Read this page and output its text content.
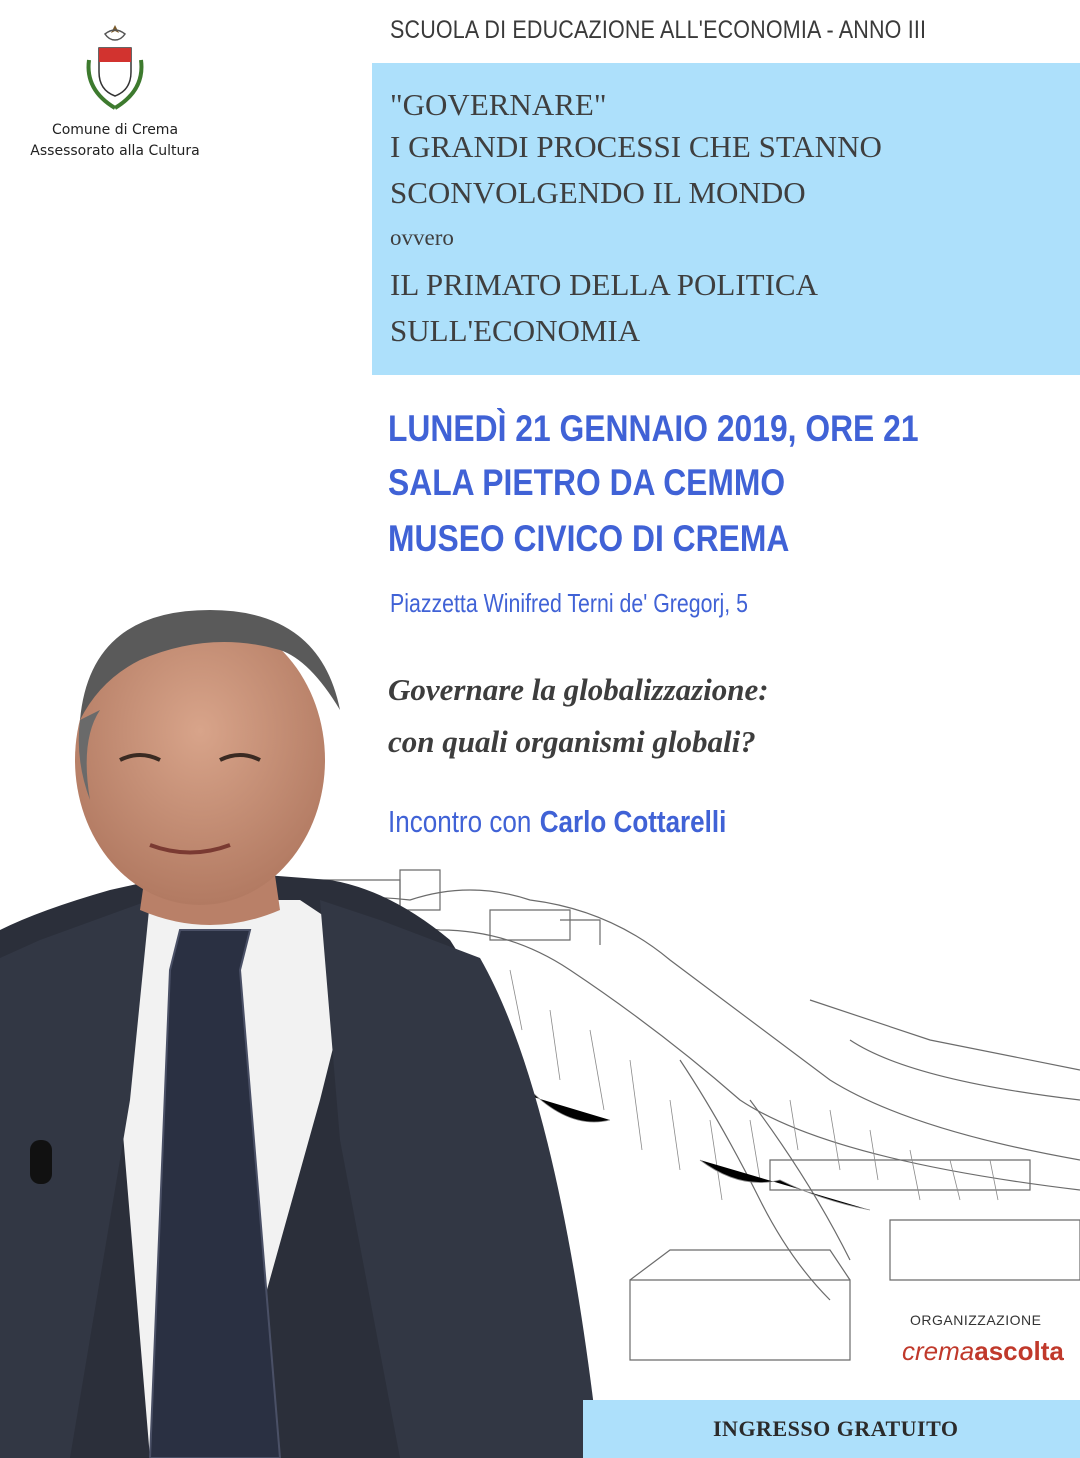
Comune di Crema
Assessorato alla Cultura
SCUOLA DI EDUCAZIONE ALL'ECONOMIA - ANNO III
"GOVERNARE"
I GRANDI PROCESSI CHE STANNO
SCONVOLGENDO IL MONDO
ovvero
IL PRIMATO DELLA POLITICA
SULL'ECONOMIA
LUNEDÌ 21 GENNAIO 2019, ORE 21
SALA PIETRO DA CEMMO
MUSEO CIVICO DI CREMA
Piazzetta Winifred Terni de' Gregorj, 5
Governare la globalizzazione:
con quali organismi globali?
Incontro con Carlo Cottarelli
ORGANIZZAZIONE
cremaascolta
INGRESSO GRATUITO
